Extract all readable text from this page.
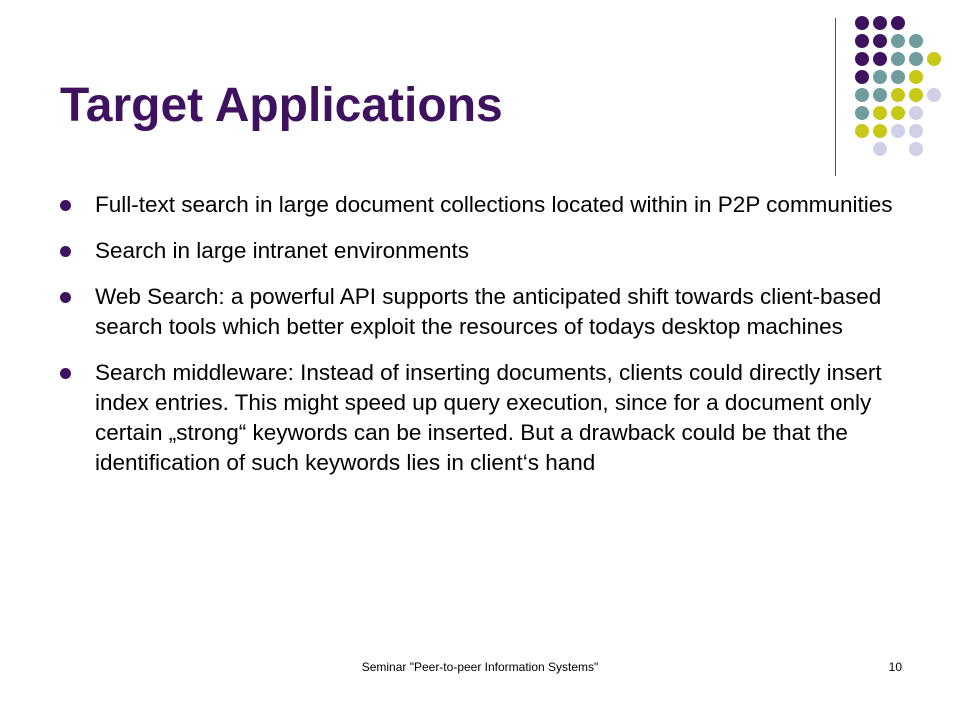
Target Applications
Full-text search in large document collections located within in P2P communities
Search in large intranet environments
Web Search: a powerful API supports the anticipated shift towards client-based search tools which better exploit the resources of todays desktop machines
Search middleware: Instead of inserting documents, clients could directly insert index entries. This might speed up query execution, since for a document only certain „strong“ keywords can be inserted. But a drawback could be that the identification of such keywords lies in client‘s hand
Seminar "Peer-to-peer Information Systems"	10
